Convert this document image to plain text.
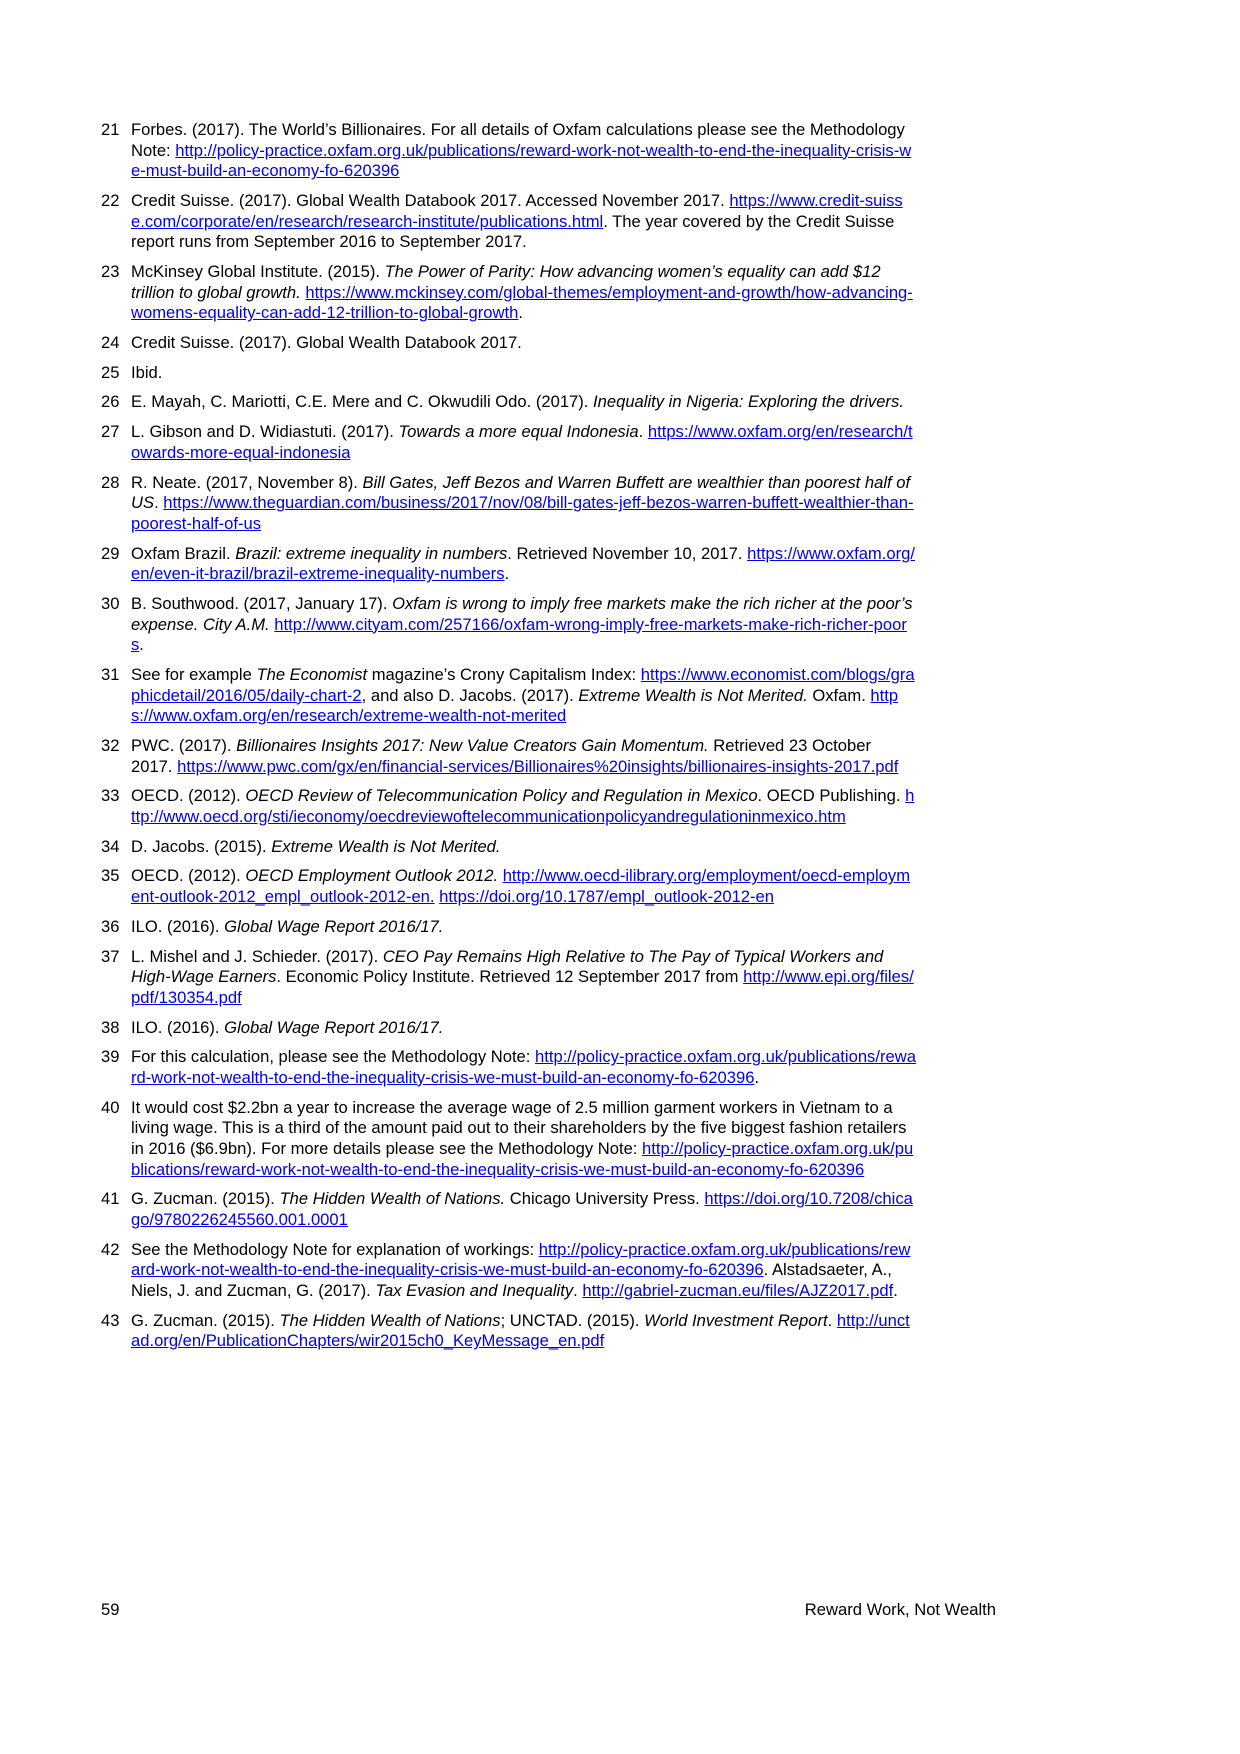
21 Forbes. (2017). The World’s Billionaires. For all details of Oxfam calculations please see the Methodology Note: http://policy-practice.oxfam.org.uk/publications/reward-work-not-wealth-to-end-the-inequality-crisis-we-must-build-an-economy-fo-620396
22 Credit Suisse. (2017). Global Wealth Databook 2017. Accessed November 2017. https://www.credit-suisse.com/corporate/en/research/research-institute/publications.html. The year covered by the Credit Suisse report runs from September 2016 to September 2017.
23 McKinsey Global Institute. (2015). The Power of Parity: How advancing women’s equality can add $12 trillion to global growth. https://www.mckinsey.com/global-themes/employment-and-growth/how-advancing-womens-equality-can-add-12-trillion-to-global-growth.
24 Credit Suisse. (2017). Global Wealth Databook 2017.
25 Ibid.
26 E. Mayah, C. Mariotti, C.E. Mere and C. Okwudili Odo. (2017). Inequality in Nigeria: Exploring the drivers.
27 L. Gibson and D. Widiastuti. (2017). Towards a more equal Indonesia. https://www.oxfam.org/en/research/towards-more-equal-indonesia
28 R. Neate. (2017, November 8). Bill Gates, Jeff Bezos and Warren Buffett are wealthier than poorest half of US. https://www.theguardian.com/business/2017/nov/08/bill-gates-jeff-bezos-warren-buffett-wealthier-than-poorest-half-of-us
29 Oxfam Brazil. Brazil: extreme inequality in numbers. Retrieved November 10, 2017. https://www.oxfam.org/en/even-it-brazil/brazil-extreme-inequality-numbers.
30 B. Southwood. (2017, January 17). Oxfam is wrong to imply free markets make the rich richer at the poor’s expense. City A.M. http://www.cityam.com/257166/oxfam-wrong-imply-free-markets-make-rich-richer-poors.
31 See for example The Economist magazine’s Crony Capitalism Index: https://www.economist.com/blogs/graphicdetail/2016/05/daily-chart-2, and also D. Jacobs. (2017). Extreme Wealth is Not Merited. Oxfam. https://www.oxfam.org/en/research/extreme-wealth-not-merited
32 PWC. (2017). Billionaires Insights 2017: New Value Creators Gain Momentum. Retrieved 23 October 2017. https://www.pwc.com/gx/en/financial-services/Billionaires%20insights/billionaires-insights-2017.pdf
33 OECD. (2012). OECD Review of Telecommunication Policy and Regulation in Mexico. OECD Publishing. http://www.oecd.org/sti/ieconomy/oecdreviewoftelecommunicationpolicyandregulationinmexico.htm
34 D. Jacobs. (2015). Extreme Wealth is Not Merited.
35 OECD. (2012). OECD Employment Outlook 2012. http://www.oecd-ilibrary.org/employment/oecd-employment-outlook-2012_empl_outlook-2012-en. https://doi.org/10.1787/empl_outlook-2012-en
36 ILO. (2016). Global Wage Report 2016/17.
37 L. Mishel and J. Schieder. (2017). CEO Pay Remains High Relative to The Pay of Typical Workers and High-Wage Earners. Economic Policy Institute. Retrieved 12 September 2017 from http://www.epi.org/files/pdf/130354.pdf
38 ILO. (2016). Global Wage Report 2016/17.
39 For this calculation, please see the Methodology Note: http://policy-practice.oxfam.org.uk/publications/reward-work-not-wealth-to-end-the-inequality-crisis-we-must-build-an-economy-fo-620396.
40 It would cost $2.2bn a year to increase the average wage of 2.5 million garment workers in Vietnam to a living wage. This is a third of the amount paid out to their shareholders by the five biggest fashion retailers in 2016 ($6.9bn). For more details please see the Methodology Note: http://policy-practice.oxfam.org.uk/publications/reward-work-not-wealth-to-end-the-inequality-crisis-we-must-build-an-economy-fo-620396
41 G. Zucman. (2015). The Hidden Wealth of Nations. Chicago University Press. https://doi.org/10.7208/chicago/9780226245560.001.0001
42 See the Methodology Note for explanation of workings: http://policy-practice.oxfam.org.uk/publications/reward-work-not-wealth-to-end-the-inequality-crisis-we-must-build-an-economy-fo-620396. Alstadsaeter, A., Niels, J. and Zucman, G. (2017). Tax Evasion and Inequality. http://gabriel-zucman.eu/files/AJZ2017.pdf.
43 G. Zucman. (2015). The Hidden Wealth of Nations; UNCTAD. (2015). World Investment Report. http://unctad.org/en/PublicationChapters/wir2015ch0_KeyMessage_en.pdf
59	Reward Work, Not Wealth
